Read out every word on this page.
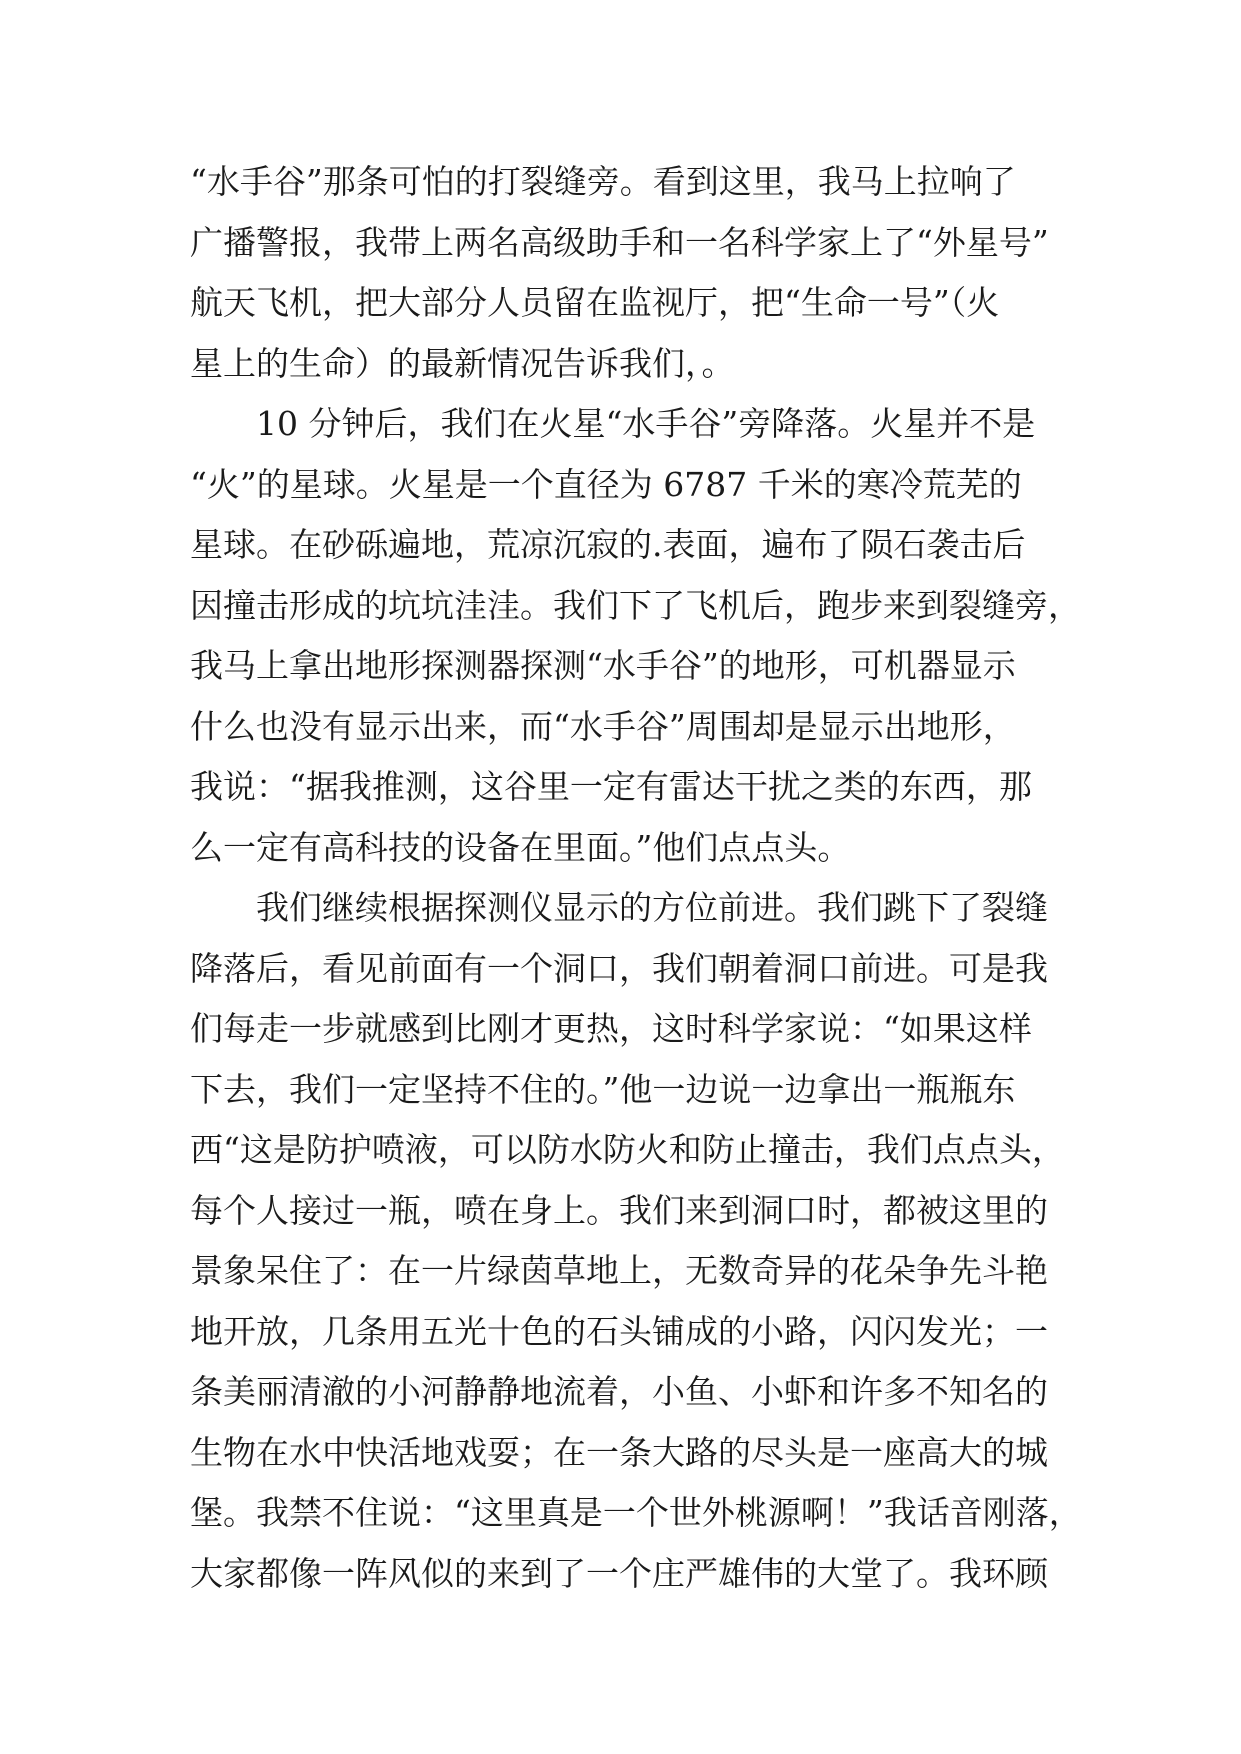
“水手谷”那条可怕的打裂缝旁。看到这里，我马上拉响了
广播警报，我带上两名高级助手和一名科学家上了“外星号”
航天飞机，把大部分人员留在监视厅，把“生命一号”（火
星上的生命）的最新情况告诉我们，。
10 分钟后，我们在火星“水手谷”旁降落。火星并不是
“火”的星球。火星是一个直径为 6787 千米的寒冷荒芜的
星球。在砂砾遍地，荒凉沉寂的.表面，遍布了陨石袭击后
因撞击形成的坑坑洼洼。我们下了飞机后，跑步来到裂缝旁，
我马上拿出地形探测器探测“水手谷”的地形，可机器显示
什么也没有显示出来，而“水手谷”周围却是显示出地形，
我说：“据我推测，这谷里一定有雷达干扰之类的东西，那
么一定有高科技的设备在里面。”他们点点头。
我们继续根据探测仪显示的方位前进。我们跳下了裂缝
降落后，看见前面有一个洞口，我们朝着洞口前进。可是我
们每走一步就感到比刚才更热，这时科学家说：“如果这样
下去，我们一定坚持不住的。”他一边说一边拿出一瓶瓶东
西“这是防护喷液，可以防水防火和防止撞击，我们点点头，
每个人接过一瓶，喷在身上。我们来到洞口时，都被这里的
景象呆住了：在一片绿茵草地上，无数奇异的花朵争先斗艳
地开放，几条用五光十色的石头铺成的小路，闪闪发光；一
条美丽清澈的小河静静地流着，小鱼、小虾和许多不知名的
生物在水中快活地戏耍；在一条大路的尽头是一座高大的城
堡。我禁不住说：“这里真是一个世外桃源啊！”我话音刚落，
大家都像一阵风似的来到了一个庄严雄伟的大堂了。我环顾
